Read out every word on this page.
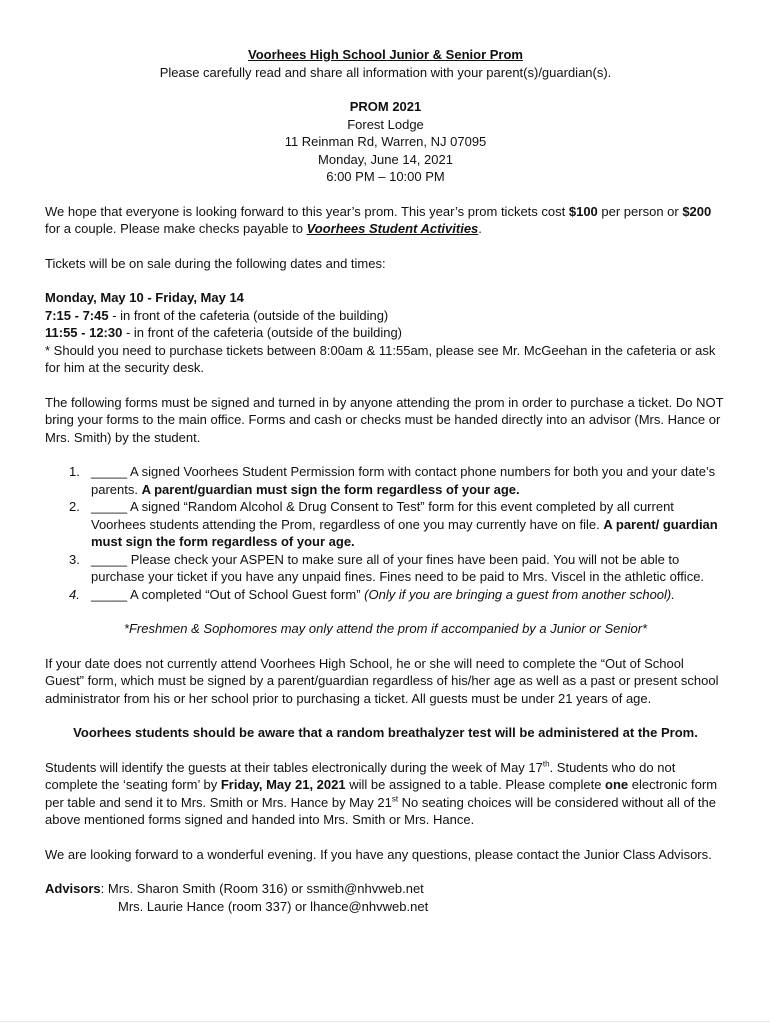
Voorhees High School Junior & Senior Prom

Please carefully read and share all information with your parent(s)/guardian(s).

PROM 2021

Forest Lodge

11 Reinman Rd, Warren, NJ 07095

Monday, June 14, 2021

6:00 PM – 10:00 PM

We hope that everyone is looking forward to this year’s prom. This year’s prom tickets cost $100 per person or $200 for a couple. Please make checks payable to Voorhees Student Activities.

Tickets will be on sale during the following dates and times:

Monday, May 10 - Friday, May 14

7:15 - 7:45 - in front of the cafeteria (outside of the building)

11:55 - 12:30 - in front of the cafeteria (outside of the building)

* Should you need to purchase tickets between 8:00am & 11:55am, please see Mr. McGeehan in the cafeteria or ask for him at the security desk.

The following forms must be signed and turned in by anyone attending the prom in order to purchase a ticket. Do NOT bring your forms to the main office. Forms and cash or checks must be handed directly into an advisor (Mrs. Hance or Mrs. Smith) by the student.

1. _____ A signed Voorhees Student Permission form with contact phone numbers for both you and your date’s parents. A parent/guardian must sign the form regardless of your age.
2. _____ A signed “Random Alcohol & Drug Consent to Test” form for this event completed by all current Voorhees students attending the Prom, regardless of one you may currently have on file. A parent/ guardian must sign the form regardless of your age.
3. _____ Please check your ASPEN to make sure all of your fines have been paid. You will not be able to purchase your ticket if you have any unpaid fines. Fines need to be paid to Mrs. Viscel in the athletic office.
4. _____ A completed “Out of School Guest form” (Only if you are bringing a guest from another school).

*Freshmen & Sophomores may only attend the prom if accompanied by a Junior or Senior*

If your date does not currently attend Voorhees High School, he or she will need to complete the “Out of School Guest” form, which must be signed by a parent/guardian regardless of his/her age as well as a past or present school administrator from his or her school prior to purchasing a ticket. All guests must be under 21 years of age.

Voorhees students should be aware that a random breathalyzer test will be administered at the Prom.

Students will identify the guests at their tables electronically during the week of May 17th. Students who do not complete the ‘seating form’ by Friday, May 21, 2021 will be assigned to a table. Please complete one electronic form per table and send it to Mrs. Smith or Mrs. Hance by May 21st No seating choices will be considered without all of the above mentioned forms signed and handed into Mrs. Smith or Mrs. Hance.

We are looking forward to a wonderful evening. If you have any questions, please contact the Junior Class Advisors.

Advisors: Mrs. Sharon Smith (Room 316) or ssmith@nhvweb.net

Mrs. Laurie Hance (room 337) or lhance@nhvweb.net
